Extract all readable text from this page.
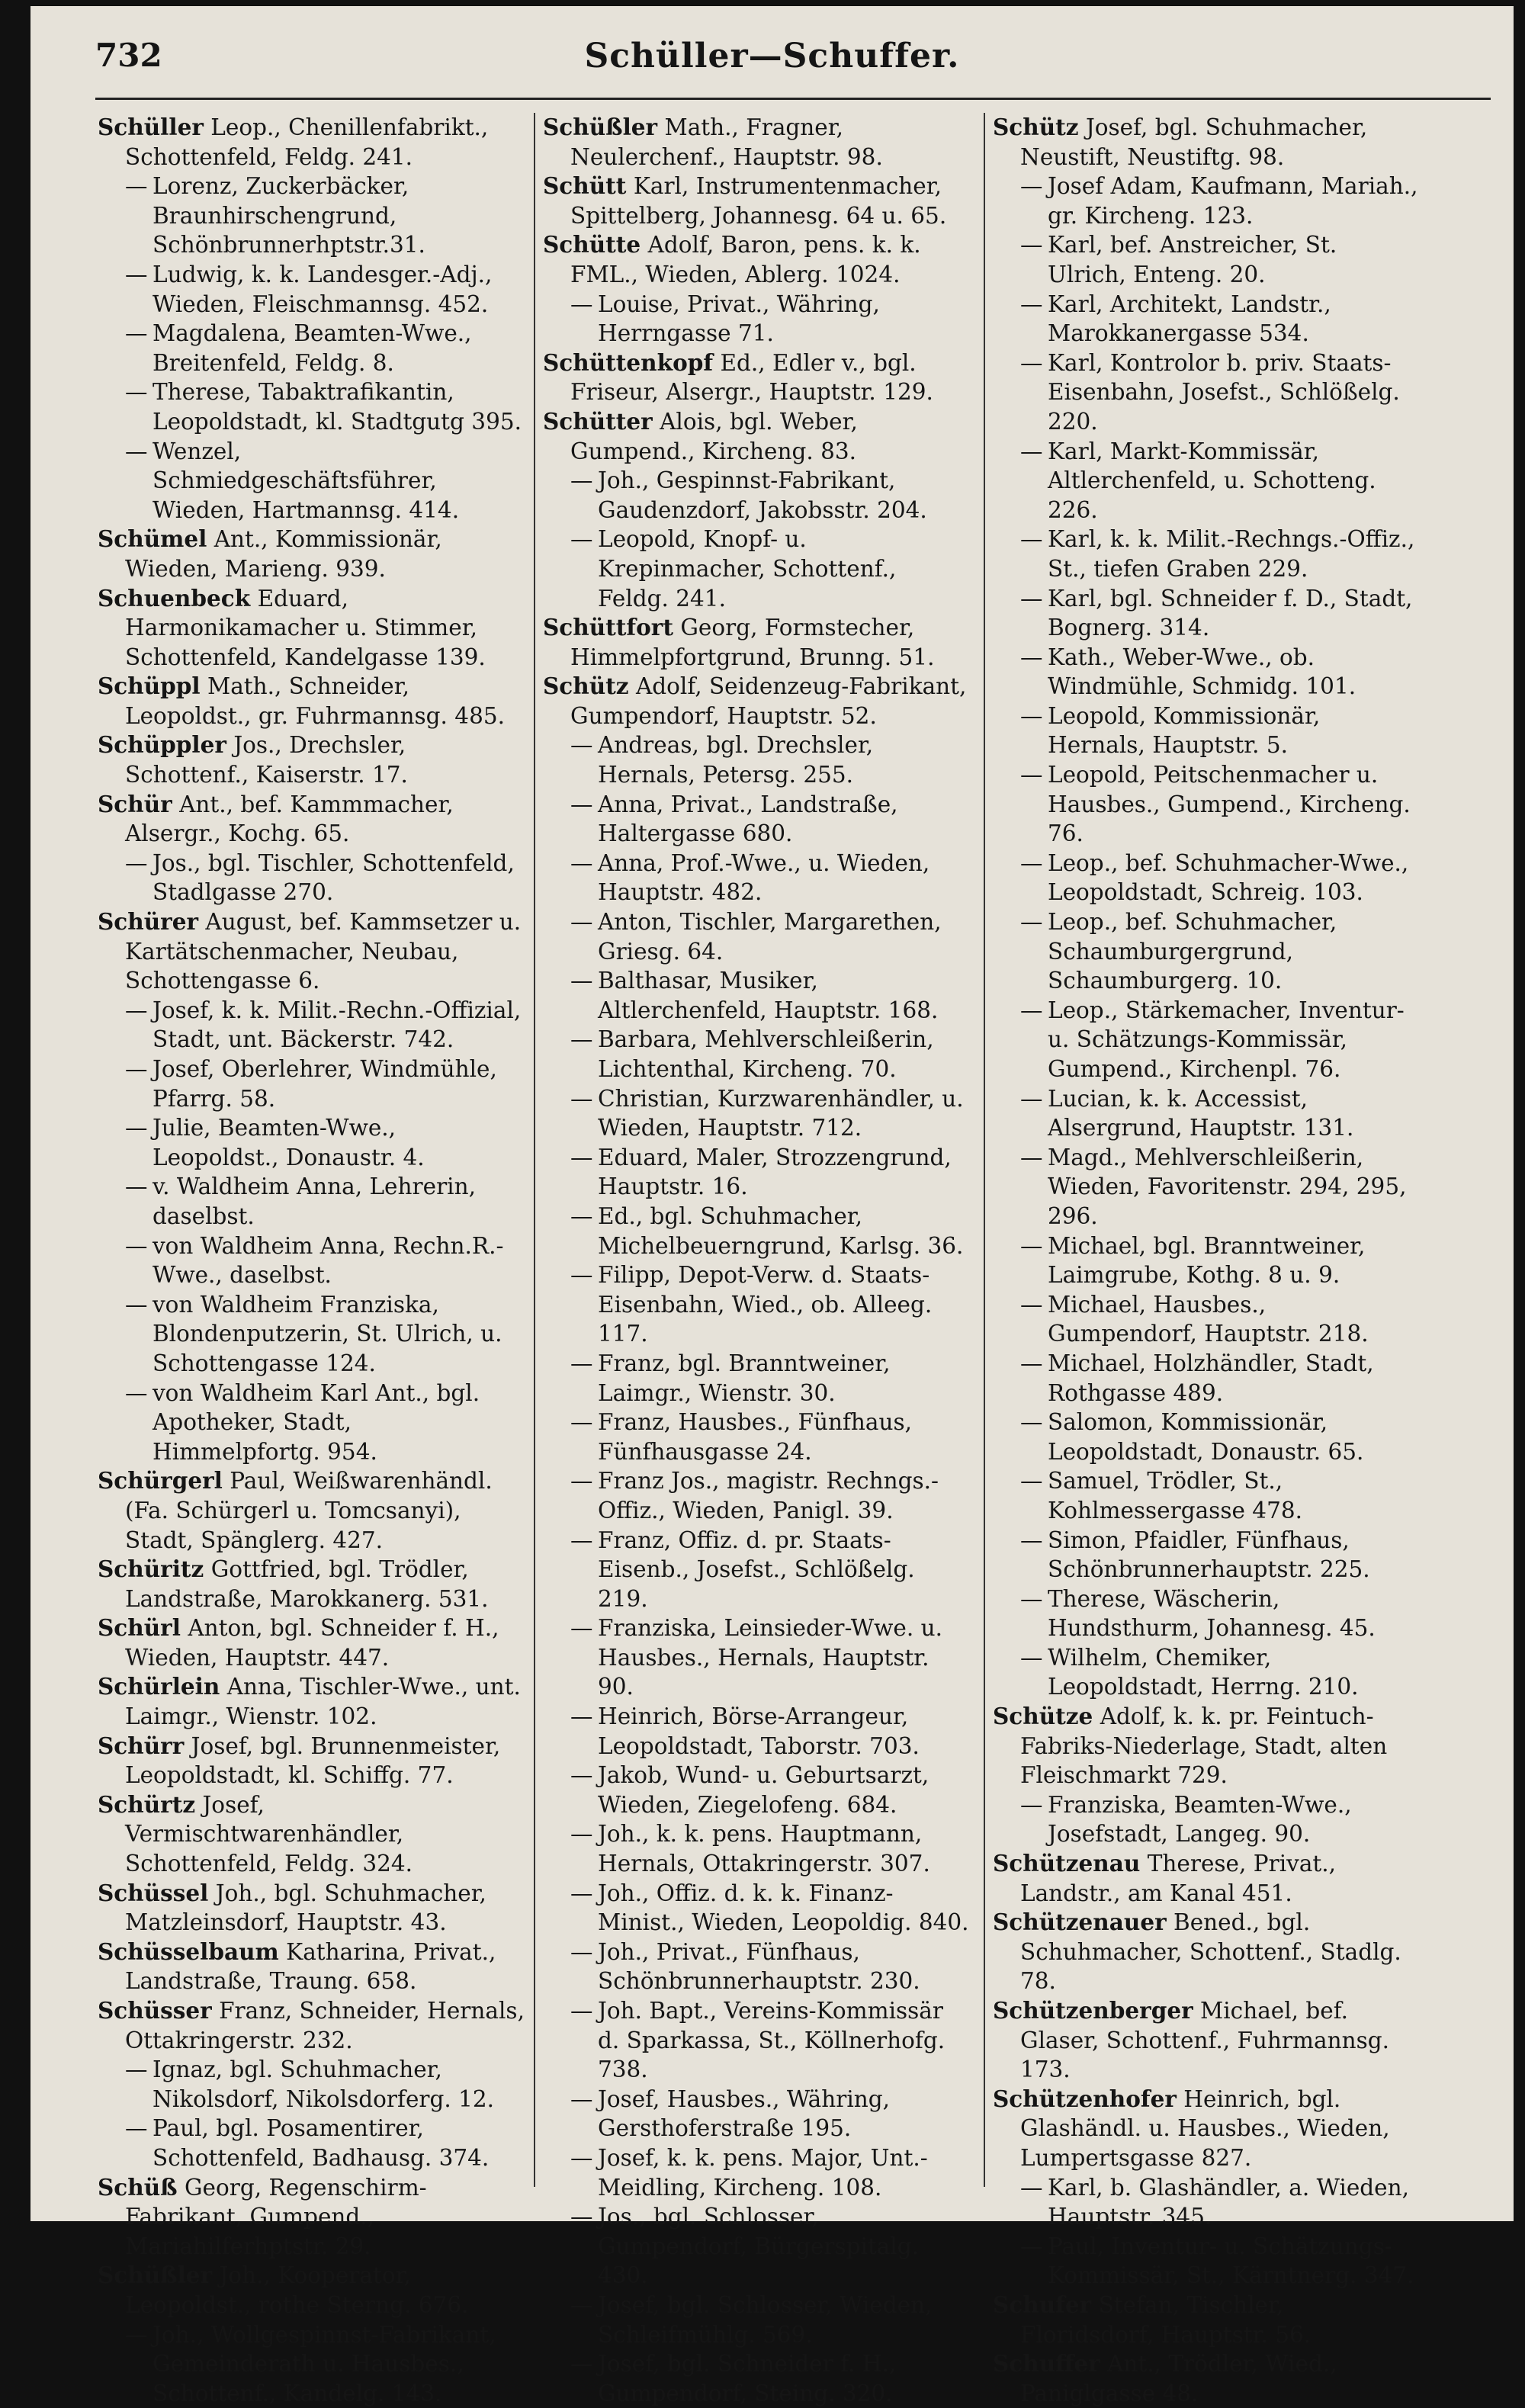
732	Schüller—Schuffer.

Schüller Leop., Chenillenfabrikt., Schottenfeld, Feldg. 241.

— Lorenz, Zuckerbäcker, Braunhirschengrund, Schönbrunnerhptstr.31.

— Ludwig, k. k. Landesger.-Adj., Wieden, Fleischmannsg. 452.

— Magdalena, Beamten-Wwe., Breitenfeld, Feldg. 8.

— Therese, Tabaktrafikantin, Leopoldstadt, kl. Stadtgutg 395.

— Wenzel, Schmiedgeschäftsführer, Wieden, Hartmannsg. 414.

Schümel Ant., Kommissionär, Wieden, Marieng. 939.

Schuenbeck Eduard, Harmonikamacher u. Stimmer, Schottenfeld, Kandelgasse 139.

Schüppl Math., Schneider, Leopoldst., gr. Fuhrmannsg. 485.

Schüppler Jos., Drechsler, Schottenf., Kaiserstr. 17.

Schür Ant., bef. Kammmacher, Alsergr., Kochg. 65.

— Jos., bgl. Tischler, Schottenfeld, Stadlgasse 270.

Schürer August, bef. Kammsetzer u. Kartätschenmacher, Neubau, Schottengasse 6.

— Josef, k. k. Milit.-Rechn.-Offizial, Stadt, unt. Bäckerstr. 742.

— Josef, Oberlehrer, Windmühle, Pfarrg. 58.

— Julie, Beamten-Wwe., Leopoldst., Donaustr. 4.

— v. Waldheim Anna, Lehrerin, daselbst.

— von Waldheim Anna, Rechn.R.-Wwe., daselbst.

— von Waldheim Franziska, Blondenputzerin, St. Ulrich, u. Schottengasse 124.

— von Waldheim Karl Ant., bgl. Apotheker, Stadt, Himmelpfortg. 954.

Schürgerl Paul, Weißwarenhändl. (Fa. Schürgerl u. Tomcsanyi), Stadt, Spänglerg. 427.

Schüritz Gottfried, bgl. Trödler, Landstraße, Marokkanerg. 531.

Schürl Anton, bgl. Schneider f. H., Wieden, Hauptstr. 447.

Schürlein Anna, Tischler-Wwe., unt. Laimgr., Wienstr. 102.

Schürr Josef, bgl. Brunnenmeister, Leopoldstadt, kl. Schiffg. 77.

Schürtz Josef, Vermischtwarenhändler, Schottenfeld, Feldg. 324.

Schüssel Joh., bgl. Schuhmacher, Matzleinsdorf, Hauptstr. 43.

Schüsselbaum Katharina, Privat., Landstraße, Traung. 658.

Schüsser Franz, Schneider, Hernals, Ottakringerstr. 232.

— Ignaz, bgl. Schuhmacher, Nikolsdorf, Nikolsdorferg. 12.

— Paul, bgl. Posamentirer, Schottenfeld, Badhausg. 374.

Schüß Georg, Regenschirm-Fabrikant, Gumpend., Mariahilferhptstr. 29.

Schüßler Joh., Kooperator, Leopoldst., rothe Sterng. 676.

— Joh., Wollgespinnst-Fabrikant, Gemeinderath u. Hausbes., Schottenf., Kandelg. 143.

Schüßler Math., Fragner, Neulerchenf., Hauptstr. 98.

Schütt Karl, Instrumentenmacher, Spittelberg, Johannesg. 64 u. 65.

Schütte Adolf, Baron, pens. k. k. FML., Wieden, Ablerg. 1024.

— Louise, Privat., Währing, Herrngasse 71.

Schüttenkopf Ed., Edler v., bgl. Friseur, Alsergr., Hauptstr. 129.

Schütter Alois, bgl. Weber, Gumpend., Kircheng. 83.

— Joh., Gespinnst-Fabrikant, Gaudenzdorf, Jakobsstr. 204.

— Leopold, Knopf- u. Krepinmacher, Schottenf., Feldg. 241.

Schüttfort Georg, Formstecher, Himmelpfortgrund, Brunng. 51.

Schütz Adolf, Seidenzeug-Fabrikant, Gumpendorf, Hauptstr. 52.

— Andreas, bgl. Drechsler, Hernals, Petersg. 255.

— Anna, Privat., Landstraße, Haltergasse 680.

— Anna, Prof.-Wwe., u. Wieden, Hauptstr. 482.

— Anton, Tischler, Margarethen, Griesg. 64.

— Balthasar, Musiker, Altlerchenfeld, Hauptstr. 168.

— Barbara, Mehlverschleißerin, Lichtenthal, Kircheng. 70.

— Christian, Kurzwarenhändler, u. Wieden, Hauptstr. 712.

— Eduard, Maler, Strozzengrund, Hauptstr. 16.

— Ed., bgl. Schuhmacher, Michelbeuerngrund, Karlsg. 36.

— Filipp, Depot-Verw. d. Staats-Eisenbahn, Wied., ob. Alleeg. 117.

— Franz, bgl. Branntweiner, Laimgr., Wienstr. 30.

— Franz, Hausbes., Fünfhaus, Fünfhausgasse 24.

— Franz Jos., magistr. Rechngs.-Offiz., Wieden, Panigl. 39.

— Franz, Offiz. d. pr. Staats-Eisenb., Josefst., Schlößelg. 219.

— Franziska, Leinsieder-Wwe. u. Hausbes., Hernals, Hauptstr. 90.

— Heinrich, Börse-Arrangeur, Leopoldstadt, Taborstr. 703.

— Jakob, Wund- u. Geburtsarzt, Wieden, Ziegelofeng. 684.

— Joh., k. k. pens. Hauptmann, Hernals, Ottakringerstr. 307.

— Joh., Offiz. d. k. k. Finanz-Minist., Wieden, Leopoldig. 840.

— Joh., Privat., Fünfhaus, Schönbrunnerhauptstr. 230.

— Joh. Bapt., Vereins-Kommissär d. Sparkassa, St., Köllnerhofg. 738.

— Josef, Hausbes., Währing, Gersthoferstraße 195.

— Josef, k. k. pens. Major, Unt.-Meidling, Kircheng. 108.

— Jos., bgl. Schlosser, Gumpendorf, Bürgerspitalg. 430.

— Josef, bgl. Schlosser, Wieden, Schleifmühlg. 569.

— Josef, bgl. Schneider f. H., Gumpendorf, Steing. 320.

Schütz Josef, bgl. Schuhmacher, Neustift, Neustiftg. 98.

— Josef Adam, Kaufmann, Mariah., gr. Kircheng. 123.

— Karl, bef. Anstreicher, St. Ulrich, Enteng. 20.

— Karl, Architekt, Landstr., Marokkanergasse 534.

— Karl, Kontrolor b. priv. Staats-Eisenbahn, Josefst., Schlößelg. 220.

— Karl, Markt-Kommissär, Altlerchenfeld, u. Schotteng. 226.

— Karl, k. k. Milit.-Rechngs.-Offiz., St., tiefen Graben 229.

— Karl, bgl. Schneider f. D., Stadt, Bognerg. 314.

— Kath., Weber-Wwe., ob. Windmühle, Schmidg. 101.

— Leopold, Kommissionär, Hernals, Hauptstr. 5.

— Leopold, Peitschenmacher u. Hausbes., Gumpend., Kircheng. 76.

— Leop., bef. Schuhmacher-Wwe., Leopoldstadt, Schreig. 103.

— Leop., bef. Schuhmacher, Schaumburgergrund, Schaumburgerg. 10.

— Leop., Stärkemacher, Inventur- u. Schätzungs-Kommissär, Gumpend., Kirchenpl. 76.

— Lucian, k. k. Accessist, Alsergrund, Hauptstr. 131.

— Magd., Mehlverschleißerin, Wieden, Favoritenstr. 294, 295, 296.

— Michael, bgl. Branntweiner, Laimgrube, Kothg. 8 u. 9.

— Michael, Hausbes., Gumpendorf, Hauptstr. 218.

— Michael, Holzhändler, Stadt, Rothgasse 489.

— Salomon, Kommissionär, Leopoldstadt, Donaustr. 65.

— Samuel, Trödler, St., Kohlmessergasse 478.

— Simon, Pfaidler, Fünfhaus, Schönbrunnerhauptstr. 225.

— Therese, Wäscherin, Hundsthurm, Johannesg. 45.

— Wilhelm, Chemiker, Leopoldstadt, Herrng. 210.

Schütze Adolf, k. k. pr. Feintuch-Fabriks-Niederlage, Stadt, alten Fleischmarkt 729.

— Franziska, Beamten-Wwe., Josefstadt, Langeg. 90.

Schützenau Therese, Privat., Landstr., am Kanal 451.

Schützenauer Bened., bgl. Schuhmacher, Schottenf., Stadlg. 78.

Schützenberger Michael, bef. Glaser, Schottenf., Fuhrmannsg. 173.

Schützenhofer Heinrich, bgl. Glashändl. u. Hausbes., Wieden, Lumpertsgasse 827.

— Karl, b. Glashändler, a. Wieden, Hauptstr. 345.

— Paul, Inventur- u. Schätzungs-Kommissär, St., Kärntnerg. 347.

Schufer Stefan, Tischler, Floridsdorf, Hauptstr. 56.

Schuffer Ant., Trödler, Wied., Paniglgasse 48.
